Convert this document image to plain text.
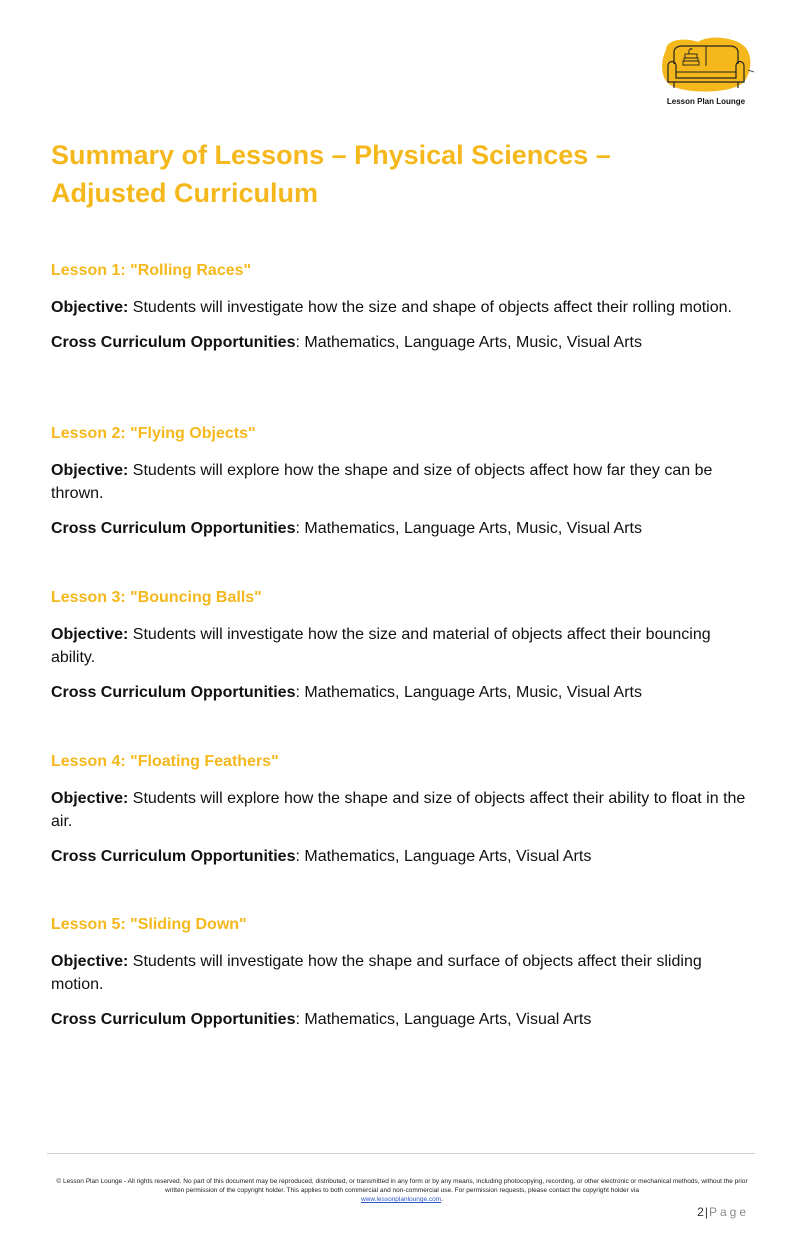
Lesson Plan Lounge
Summary of Lessons – Physical Sciences –
Adjusted Curriculum
Lesson 1: "Rolling Races"

Objective: Students will investigate how the size and shape of objects affect their rolling motion.

Cross Curriculum Opportunities: Mathematics, Language Arts, Music, Visual Arts

Lesson 2: "Flying Objects"

Objective: Students will explore how the shape and size of objects affect how far they can be thrown.

Cross Curriculum Opportunities: Mathematics, Language Arts, Music, Visual Arts

Lesson 3: "Bouncing Balls"

Objective: Students will investigate how the size and material of objects affect their bouncing ability.

Cross Curriculum Opportunities: Mathematics, Language Arts, Music, Visual Arts

Lesson 4: "Floating Feathers"

Objective: Students will explore how the shape and size of objects affect their ability to float in the air.

Cross Curriculum Opportunities: Mathematics, Language Arts, Visual Arts

Lesson 5: "Sliding Down"

Objective: Students will investigate how the shape and surface of objects affect their sliding motion.

Cross Curriculum Opportunities: Mathematics, Language Arts, Visual Arts

© Lesson Plan Lounge - All rights reserved. No part of this document may be reproduced, distributed, or transmitted in any form or by any means, including photocopying, recording, or other electronic or mechanical methods, without the prior written permission of the copyright holder. This applies to both commercial and non-commercial use. For permission requests, please contact the copyright holder via
www.lessonplanlounge.com.
2|Page
